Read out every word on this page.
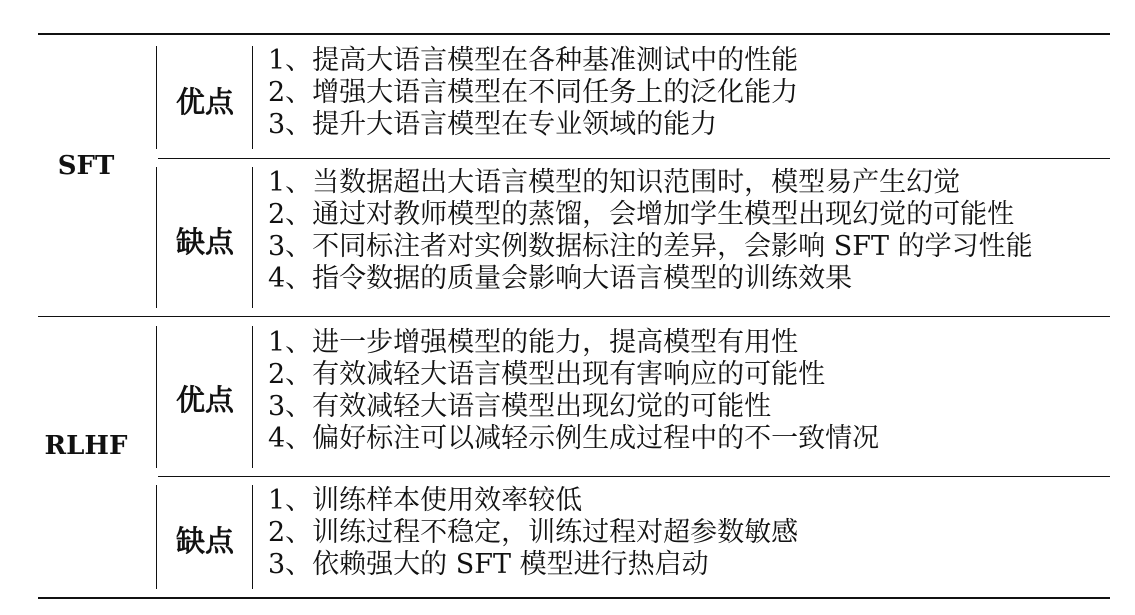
SFT
优点
1、提高大语言模型在各种基准测试中的性能
2、增强大语言模型在不同任务上的泛化能力
3、提升大语言模型在专业领域的能力
缺点
1、当数据超出大语言模型的知识范围时，模型易产生幻觉
2、通过对教师模型的蒸馏，会增加学生模型出现幻觉的可能性
3、不同标注者对实例数据标注的差异，会影响 SFT 的学习性能
4、指令数据的质量会影响大语言模型的训练效果
RLHF
优点
1、进一步增强模型的能力，提高模型有用性
2、有效减轻大语言模型出现有害响应的可能性
3、有效减轻大语言模型出现幻觉的可能性
4、偏好标注可以减轻示例生成过程中的不一致情况
缺点
1、训练样本使用效率较低
2、训练过程不稳定，训练过程对超参数敏感
3、依赖强大的 SFT 模型进行热启动
